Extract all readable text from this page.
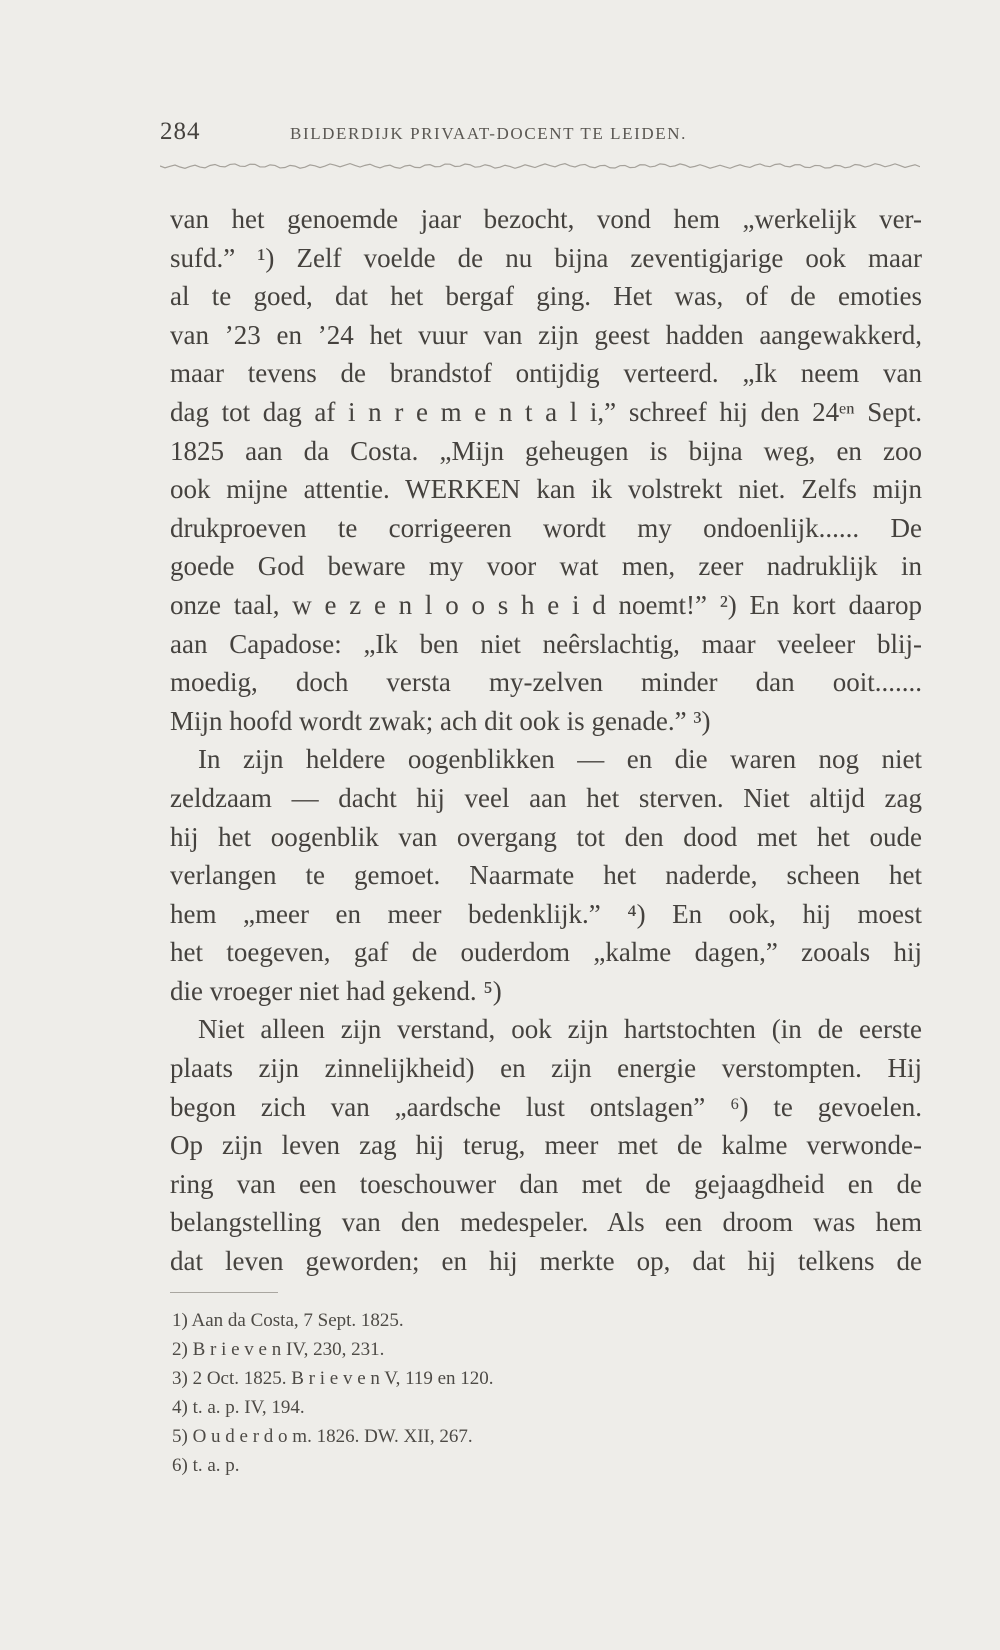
284	BILDERDIJK PRIVAAT-DOCENT TE LEIDEN.
van het genoemde jaar bezocht, vond hem „werkelijk ver-
sufd.” ¹) Zelf voelde de nu bijna zeventigjarige ook maar
al te goed, dat het bergaf ging. Het was, of de emoties
van ’23 en ’24 het vuur van zijn geest hadden aangewakkerd,
maar tevens de brandstof ontijdig verteerd. „Ik neem van
dag tot dag af i n r e m e n t a l i,” schreef hij den 24ᵉⁿ Sept.
1825 aan da Costa. „Mijn geheugen is bijna weg, en zoo
ook mijne attentie. WERKEN kan ik volstrekt niet. Zelfs mijn
drukproeven te corrigeeren wordt my ondoenlijk...... De
goede God beware my voor wat men, zeer nadruklijk in
onze taal, w e z e n l o o s h e i d noemt!” ²) En kort daarop
aan Capadose: „Ik ben niet neêrslachtig, maar veeleer blij-
moedig, doch versta my-zelven minder dan ooit.......
Mijn hoofd wordt zwak; ach dit ook is genade.” ³)
In zijn heldere oogenblikken — en die waren nog niet
zeldzaam — dacht hij veel aan het sterven. Niet altijd zag
hij het oogenblik van overgang tot den dood met het oude
verlangen te gemoet. Naarmate het naderde, scheen het
hem „meer en meer bedenklijk.” ⁴) En ook, hij moest
het toegeven, gaf de ouderdom „kalme dagen,” zooals hij
die vroeger niet had gekend. ⁵)
Niet alleen zijn verstand, ook zijn hartstochten (in de eerste
plaats zijn zinnelijkheid) en zijn energie verstompten. Hij
begon zich van „aardsche lust ontslagen” ⁶) te gevoelen.
Op zijn leven zag hij terug, meer met de kalme verwonde-
ring van een toeschouwer dan met de gejaagdheid en de
belangstelling van den medespeler. Als een droom was hem
dat leven geworden; en hij merkte op, dat hij telkens de
1) Aan da Costa, 7 Sept. 1825.
2) B r i e v e n IV, 230, 231.
3) 2 Oct. 1825. B r i e v e n V, 119 en 120.
4) t. a. p. IV, 194.
5) O u d e r d o m. 1826. DW. XII, 267.
6) t. a. p.
